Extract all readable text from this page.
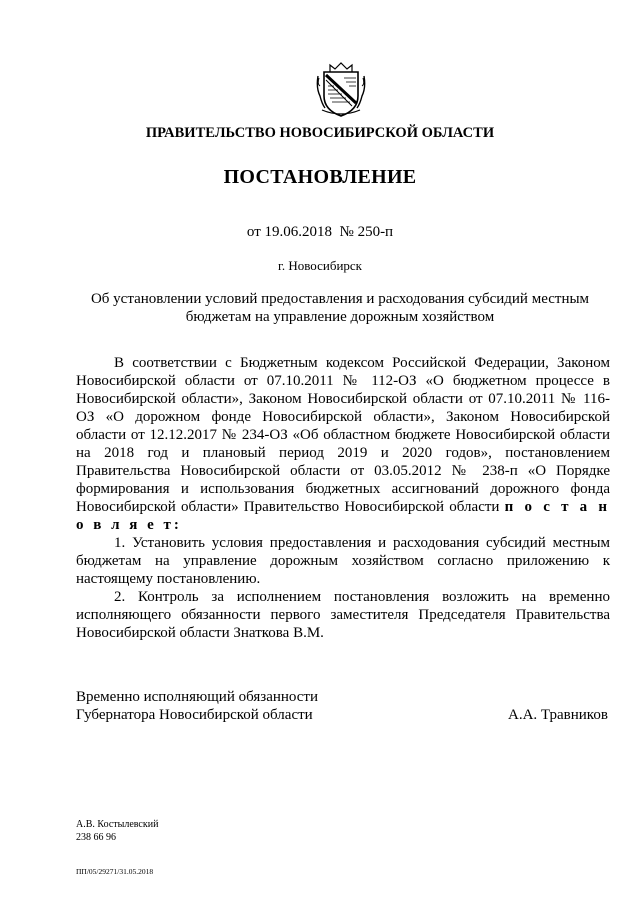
ПРАВИТЕЛЬСТВО НОВОСИБИРСКОЙ ОБЛАСТИ
ПОСТАНОВЛЕНИЕ
от 19.06.2018 № 250-п
г. Новосибирск
Об установлении условий предоставления и расходования субсидий местным бюджетам на управление дорожным хозяйством

В соответствии с Бюджетным кодексом Российской Федерации, Законом Новосибирской области от 07.10.2011 № 112-ОЗ «О бюджетном процессе в Новосибирской области», Законом Новосибирской области от 07.10.2011 № 116-ОЗ «О дорожном фонде Новосибирской области», Законом Новосибирской области от 12.12.2017 № 234-ОЗ «Об областном бюджете Новосибирской области на 2018 год и плановый период 2019 и 2020 годов», постановлением Правительства Новосибирской области от 03.05.2012 № 238-п «О Порядке формирования и использования бюджетных ассигнований дорожного фонда Новосибирской области» Правительство Новосибирской области п о с т а н о в л я е т:

1. Установить условия предоставления и расходования субсидий местным бюджетам на управление дорожным хозяйством согласно приложению к настоящему постановлению.

2. Контроль за исполнением постановления возложить на временно исполняющего обязанности первого заместителя Председателя Правительства Новосибирской области Знаткова В.М.

Временно исполняющий обязанности
Губернатора Новосибирской области	А.А. Травников
А.В. Костылевский
238 66 96
ПП/05/29271/31.05.2018
